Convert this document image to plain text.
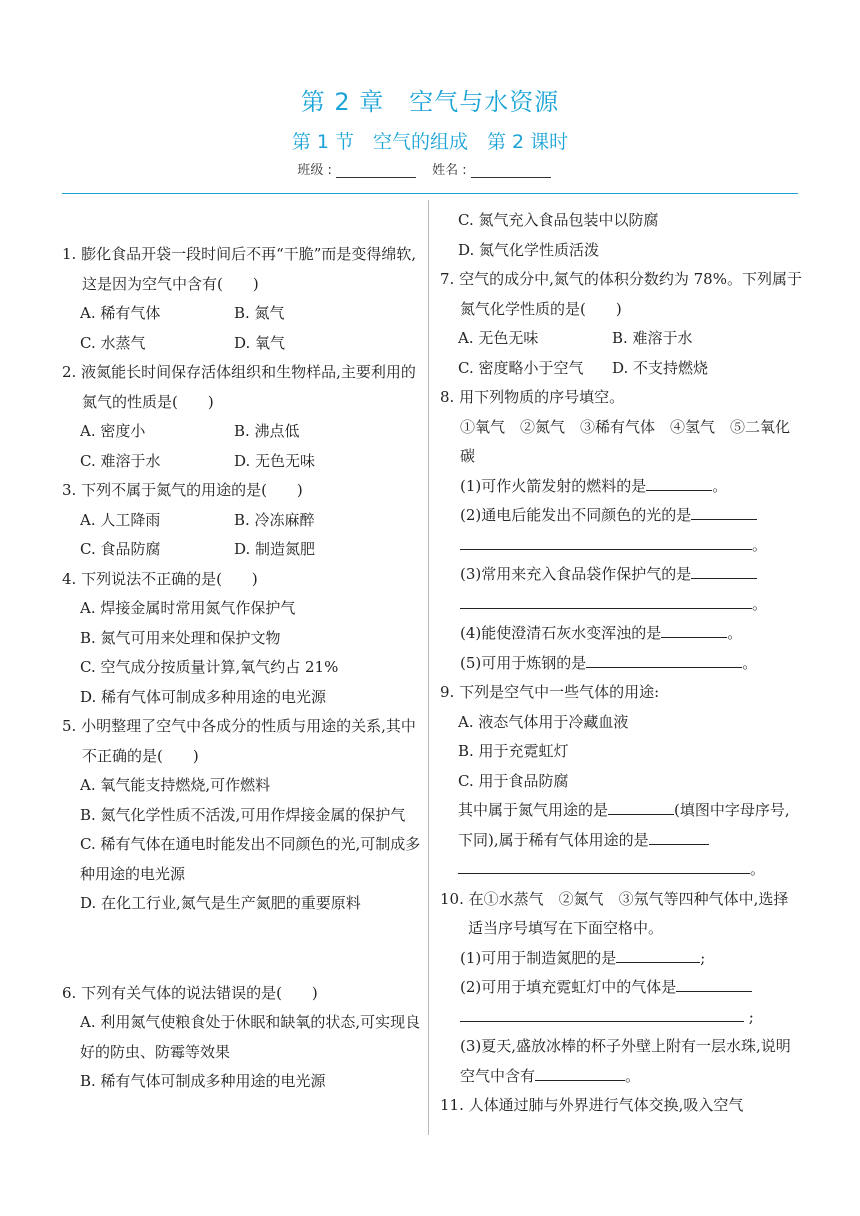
第 2 章　空气与水资源
第 1 节　空气的组成　第 2 课时
班级 :	姓名 :
1. 膨化食品开袋一段时间后不再“干脆”而是变得绵软,这是因为空气中含有(　　)
A. 稀有气体	B. 氮气
C. 水蒸气	D. 氧气
2. 液氮能长时间保存活体组织和生物样品,主要利用的氮气的性质是(　　)
A. 密度小	B. 沸点低
C. 难溶于水	D. 无色无味
3. 下列不属于氮气的用途的是(　　)
A. 人工降雨	B. 冷冻麻醉
C. 食品防腐	D. 制造氮肥
4. 下列说法不正确的是(　　)
A. 焊接金属时常用氮气作保护气
B. 氮气可用来处理和保护文物
C. 空气成分按质量计算,氧气约占 21%
D. 稀有气体可制成多种用途的电光源
5. 小明整理了空气中各成分的性质与用途的关系,其中不正确的是(　　)
A. 氧气能支持燃烧,可作燃料
B. 氮气化学性质不活泼,可用作焊接金属的保护气
C. 稀有气体在通电时能发出不同颜色的光,可制成多种用途的电光源
D. 在化工行业,氮气是生产氮肥的重要原料
6. 下列有关气体的说法错误的是(　　)
A. 利用氮气使粮食处于休眠和缺氧的状态,可实现良好的防虫、防霉等效果
B. 稀有气体可制成多种用途的电光源
C. 氮气充入食品包装中以防腐
D. 氮气化学性质活泼
7. 空气的成分中,氮气的体积分数约为 78%。下列属于氮气化学性质的是(　　)
A. 无色无味	B. 难溶于水
C. 密度略小于空气	D. 不支持燃烧
8. 用下列物质的序号填空。
①氧气　②氮气　③稀有气体　④氢气　⑤二氧化碳
(1)可作火箭发射的燃料的是	。
(2)通电后能发出不同颜色的光的是
。
(3)常用来充入食品袋作保护气的是
。
(4)能使澄清石灰水变浑浊的是	。
(5)可用于炼钢的是	。
9. 下列是空气中一些气体的用途:
A. 液态气体用于冷藏血液
B. 用于充霓虹灯
C. 用于食品防腐
其中属于氮气用途的是	(填图中字母序号,下同),属于稀有气体用途的是
。
10. 在①水蒸气　②氮气　③氖气等四种气体中,选择适当序号填写在下面空格中。
(1)可用于制造氮肥的是	;
(2)可用于填充霓虹灯中的气体是
;
(3)夏天,盛放冰棒的杯子外壁上附有一层水珠,说明空气中含有	。
11. 人体通过肺与外界进行气体交换,吸入空气
